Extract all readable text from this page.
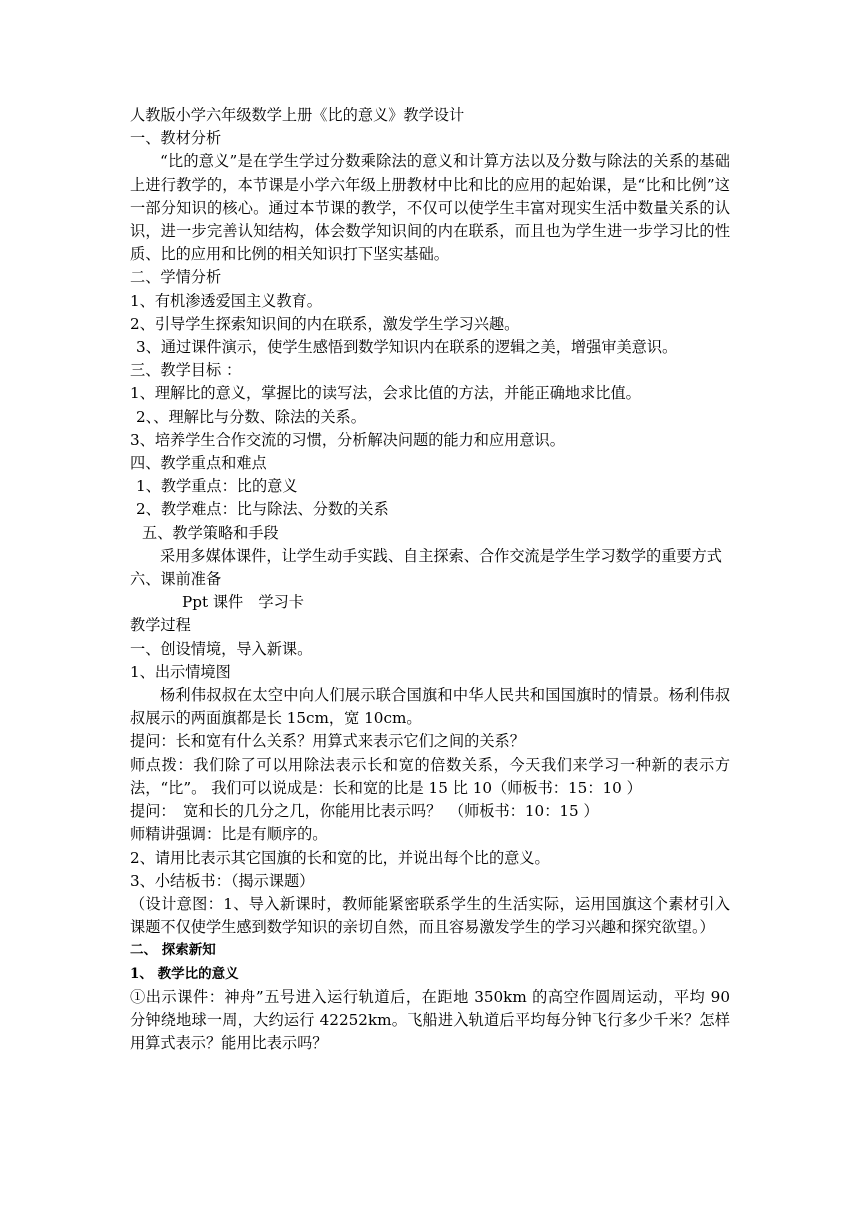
人教版小学六年级数学上册《比的意义》教学设计

一、教材分析

“比的意义”是在学生学过分数乘除法的意义和计算方法以及分数与除法的关系的基础上进行教学的，本节课是小学六年级上册教材中比和比的应用的起始课，是“比和比例”这一部分知识的核心。通过本节课的教学，不仅可以使学生丰富对现实生活中数量关系的认识，进一步完善认知结构，体会数学知识间的内在联系，而且也为学生进一步学习比的性质、比的应用和比例的相关知识打下坚实基础。

二、学情分析

1、有机渗透爱国主义教育。

2、引导学生探索知识间的内在联系，激发学生学习兴趣。

3、通过课件演示，使学生感悟到数学知识内在联系的逻辑之美，增强审美意识。

三、教学目标 ：

1、理解比的意义，掌握比的读写法，会求比值的方法，并能正确地求比值。

2、、理解比与分数、除法的关系。

3、培养学生合作交流的习惯，分析解决问题的能力和应用意识。

四、教学重点和难点

1、教学重点：比的意义

2、教学难点：比与除法、分数的关系

五、教学策略和手段

采用多媒体课件，让学生动手实践、自主探索、合作交流是学生学习数学的重要方式

六、课前准备

Ppt 课件　学习卡

教学过程

一、创设情境，导入新课。

1、出示情境图

杨利伟叔叔在太空中向人们展示联合国旗和中华人民共和国国旗时的情景。杨利伟叔叔展示的两面旗都是长 15cm，宽 10cm。

提问：长和宽有什么关系？用算式来表示它们之间的关系？

师点拨：我们除了可以用除法表示长和宽的倍数关系，今天我们来学习一种新的表示方法，“比”。 我们可以说成是：长和宽的比是 15 比 10（师板书：15：10 ）

提问：　宽和长的几分之几，你能用比表示吗？　（师板书：10：15 ）

师精讲强调：比是有顺序的。

2、请用比表示其它国旗的长和宽的比，并说出每个比的意义。

3、小结板书：（揭示课题）

（设计意图：1、导入新课时，教师能紧密联系学生的生活实际，运用国旗这个素材引入课题不仅使学生感到数学知识的亲切自然，而且容易激发学生的学习兴趣和探究欲望。）

二、 探索新知

1、 教学比的意义

①出示课件：神舟”五号进入运行轨道后，在距地 350km 的高空作圆周运动，平均 90 分钟绕地球一周，大约运行 42252km。飞船进入轨道后平均每分钟飞行多少千米？怎样用算式表示？能用比表示吗？
